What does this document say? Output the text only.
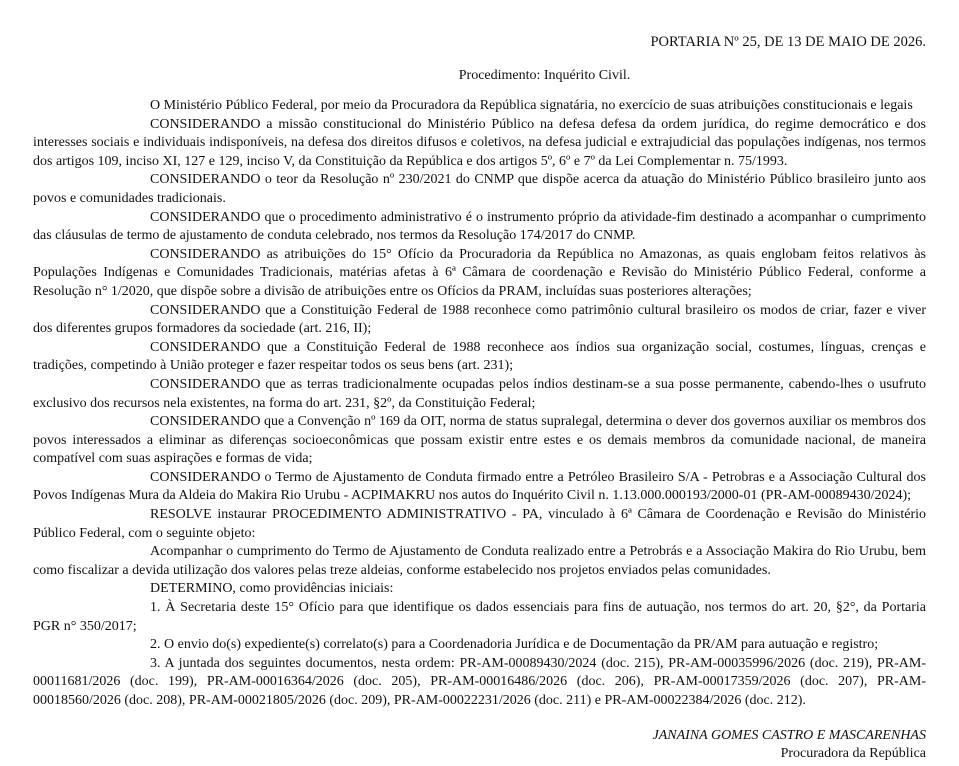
PORTARIA Nº 25, DE 13 DE MAIO DE 2026.

Procedimento: Inquérito Civil.

O Ministério Público Federal, por meio da Procuradora da República signatária, no exercício de suas atribuições constitucionais e legais

CONSIDERANDO a missão constitucional do Ministério Público na defesa defesa da ordem jurídica, do regime democrático e dos interesses sociais e individuais indisponíveis, na defesa dos direitos difusos e coletivos, na defesa judicial e extrajudicial das populações indígenas, nos termos dos artigos 109, inciso XI, 127 e 129, inciso V, da Constituição da República e dos artigos 5º, 6º e 7º da Lei Complementar n. 75/1993.

CONSIDERANDO o teor da Resolução nº 230/2021 do CNMP que dispõe acerca da atuação do Ministério Público brasileiro junto aos povos e comunidades tradicionais.

CONSIDERANDO que o procedimento administrativo é o instrumento próprio da atividade-fim destinado a acompanhar o cumprimento das cláusulas de termo de ajustamento de conduta celebrado, nos termos da Resolução 174/2017 do CNMP.

CONSIDERANDO as atribuições do 15° Ofício da Procuradoria da República no Amazonas, as quais englobam feitos relativos às Populações Indígenas e Comunidades Tradicionais, matérias afetas à 6ª Câmara de coordenação e Revisão do Ministério Público Federal, conforme a Resolução n° 1/2020, que dispõe sobre a divisão de atribuições entre os Ofícios da PRAM, incluídas suas posteriores alterações;

CONSIDERANDO que a Constituição Federal de 1988 reconhece como patrimônio cultural brasileiro os modos de criar, fazer e viver dos diferentes grupos formadores da sociedade (art. 216, II);

CONSIDERANDO que a Constituição Federal de 1988 reconhece aos índios sua organização social, costumes, línguas, crenças e tradições, competindo à União proteger e fazer respeitar todos os seus bens (art. 231);

CONSIDERANDO que as terras tradicionalmente ocupadas pelos índios destinam-se a sua posse permanente, cabendo-lhes o usufruto exclusivo dos recursos nela existentes, na forma do art. 231, §2º, da Constituição Federal;

CONSIDERANDO que a Convenção nº 169 da OIT, norma de status supralegal, determina o dever dos governos auxiliar os membros dos povos interessados a eliminar as diferenças socioeconômicas que possam existir entre estes e os demais membros da comunidade nacional, de maneira compatível com suas aspirações e formas de vida;

CONSIDERANDO o Termo de Ajustamento de Conduta firmado entre a Petróleo Brasileiro S/A - Petrobras e a Associação Cultural dos Povos Indígenas Mura da Aldeia do Makira Rio Urubu - ACPIMAKRU nos autos do Inquérito Civil n. 1.13.000.000193/2000-01 (PR-AM-00089430/2024);

RESOLVE instaurar PROCEDIMENTO ADMINISTRATIVO - PA, vinculado à 6ª Câmara de Coordenação e Revisão do Ministério Público Federal, com o seguinte objeto:

Acompanhar o cumprimento do Termo de Ajustamento de Conduta realizado entre a Petrobrás e a Associação Makira do Rio Urubu, bem como fiscalizar a devida utilização dos valores pelas treze aldeias, conforme estabelecido nos projetos enviados pelas comunidades.

DETERMINO, como providências iniciais:

1. À Secretaria deste 15° Ofício para que identifique os dados essenciais para fins de autuação, nos termos do art. 20, §2°, da Portaria PGR n° 350/2017;

2. O envio do(s) expediente(s) correlato(s) para a Coordenadoria Jurídica e de Documentação da PR/AM para autuação e registro;

3. A juntada dos seguintes documentos, nesta ordem: PR-AM-00089430/2024 (doc. 215), PR-AM-00035996/2026 (doc. 219), PR-AM-00011681/2026 (doc. 199), PR-AM-00016364/2026 (doc. 205), PR-AM-00016486/2026 (doc. 206), PR-AM-00017359/2026 (doc. 207), PR-AM-00018560/2026 (doc. 208), PR-AM-00021805/2026 (doc. 209), PR-AM-00022231/2026 (doc. 211) e PR-AM-00022384/2026 (doc. 212).

JANAINA GOMES CASTRO E MASCARENHAS
Procuradora da República
